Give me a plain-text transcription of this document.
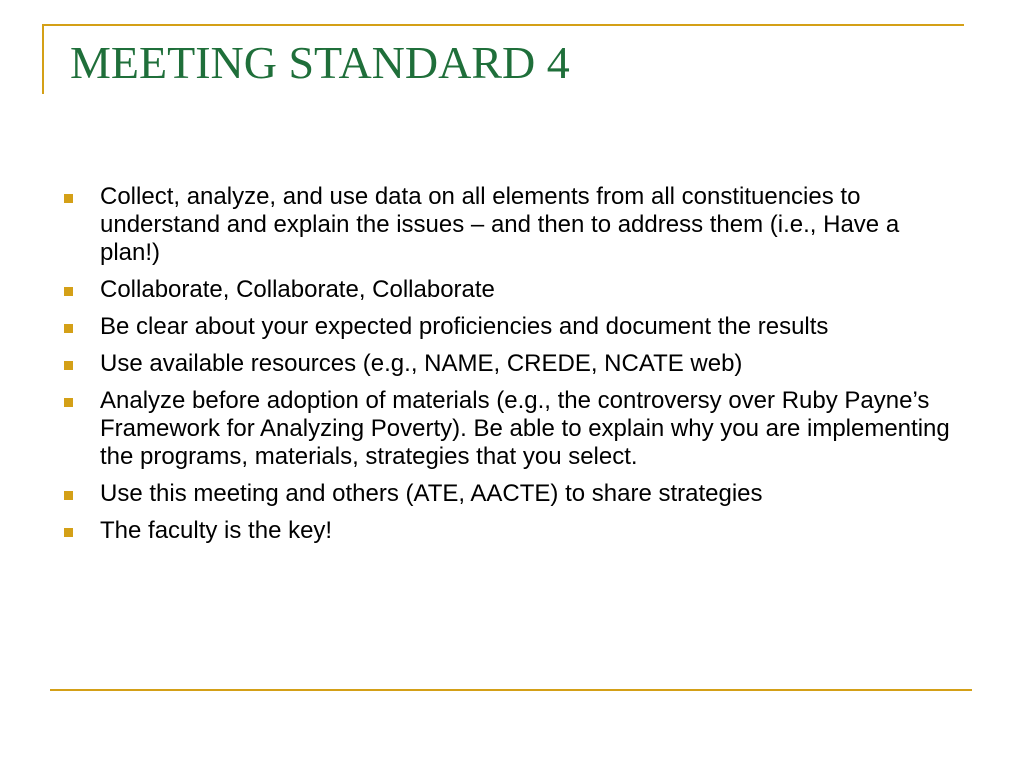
MEETING STANDARD 4
Collect, analyze, and use data on all elements from all constituencies to understand and explain the issues – and then to address them (i.e., Have a plan!)
Collaborate, Collaborate, Collaborate
Be clear about your expected proficiencies and document the results
Use available resources (e.g., NAME, CREDE, NCATE web)
Analyze before adoption of materials (e.g., the controversy over Ruby Payne’s Framework for Analyzing Poverty). Be able to explain why you are implementing the programs, materials, strategies that you select.
Use this meeting and others (ATE, AACTE) to share strategies
The faculty is the key!
